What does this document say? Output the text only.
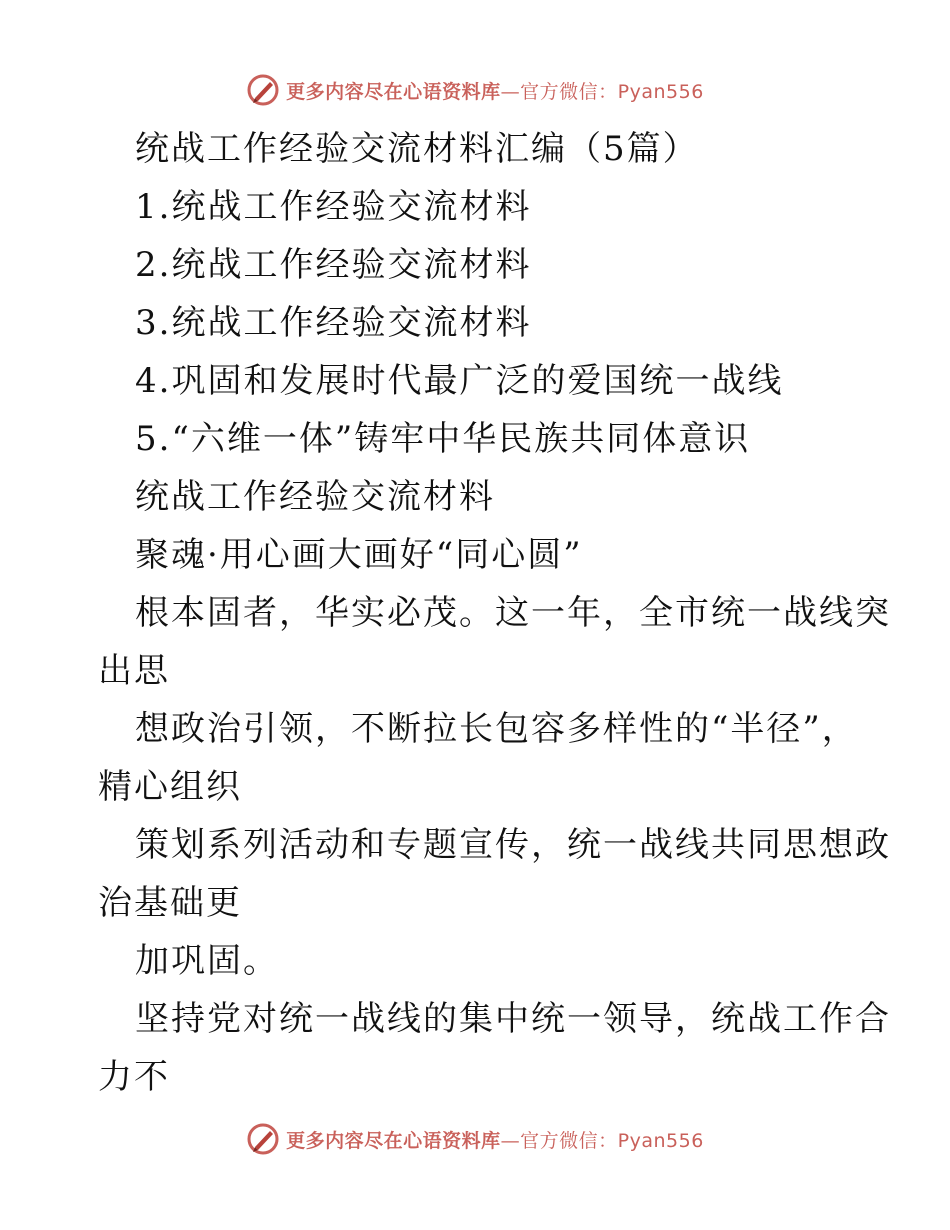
更多内容尽在心语资料库—官方微信：Pyan556
统战工作经验交流材料汇编（5篇）
1.统战工作经验交流材料
2.统战工作经验交流材料
3.统战工作经验交流材料
4.巩固和发展时代最广泛的爱国统一战线
5.“六维一体”铸牢中华民族共同体意识
统战工作经验交流材料
聚魂·用心画大画好“同心圆”
根本固者，华实必茂。这一年，全市统一战线突
出思
想政治引领，不断拉长包容多样性的“半径”，
精心组织
策划系列活动和专题宣传，统一战线共同思想政
治基础更
加巩固。
坚持党对统一战线的集中统一领导，统战工作合
力不
更多内容尽在心语资料库—官方微信：Pyan556
